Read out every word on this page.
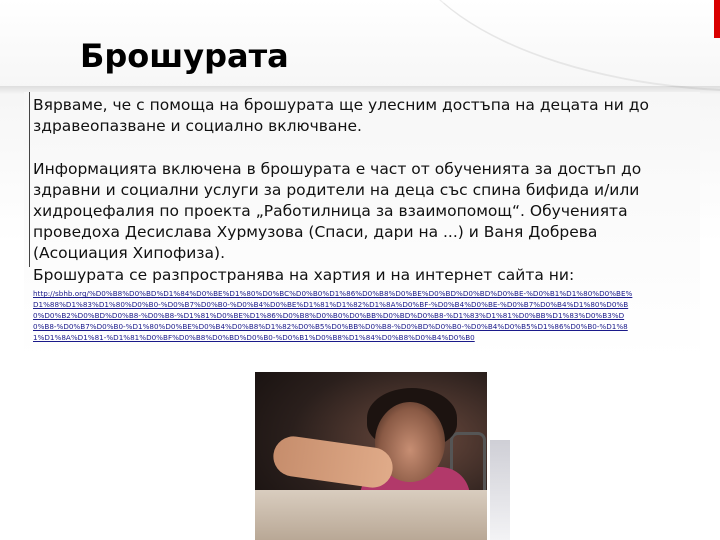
Брошурата

Вярваме, че с помоща на брошурата ще улесним достъпа на децата ни до здравеопазване и социално включване.

Информацията включена в брошурата е част от обученията за достъп до здравни и социални услуги за родители на деца със спина бифида и/или хидроцефалия по проекта „Работилница за взаимопомощ“. Обученията проведоха Десислава Хурмузова (Спаси, дари на ...) и Ваня Добрева (Асоциация Хипофиза).

Брошурата се разпространява на хартия и на интернет сайта ни:

http://sbhb.org/%D0%B8%D0%BD%D1%84%D0%BE%D1%80%D0%BC%D0%B0%D1%86%D0%B8%D0%BE%D0%BD%D0%BD%D0%BE-%D0%B1%D1%80%D0%BE%D1%88%D1%83%D1%80%D0%B0-%D0%B7%D0%B0-%D0%B4%D0%BE%D1%81%D1%82%D1%8A%D0%BF-%D0%B4%D0%BE-%D0%B7%D0%B4%D1%80%D0%B0%D0%B2%D0%BD%D0%B8-%D0%B8-%D1%81%D0%BE%D1%86%D0%B8%D0%B0%D0%BB%D0%BD%D0%B8-%D1%83%D1%81%D0%BB%D1%83%D0%B3%D0%B8-%D0%B7%D0%B0-%D1%80%D0%BE%D0%B4%D0%B8%D1%82%D0%B5%D0%BB%D0%B8-%D0%BD%D0%B0-%D0%B4%D0%B5%D1%86%D0%B0-%D1%81%D1%8A%D1%81-%D1%81%D0%BF%D0%B8%D0%BD%D0%B0-%D0%B1%D0%B8%D1%84%D0%B8%D0%B4%D0%B0
